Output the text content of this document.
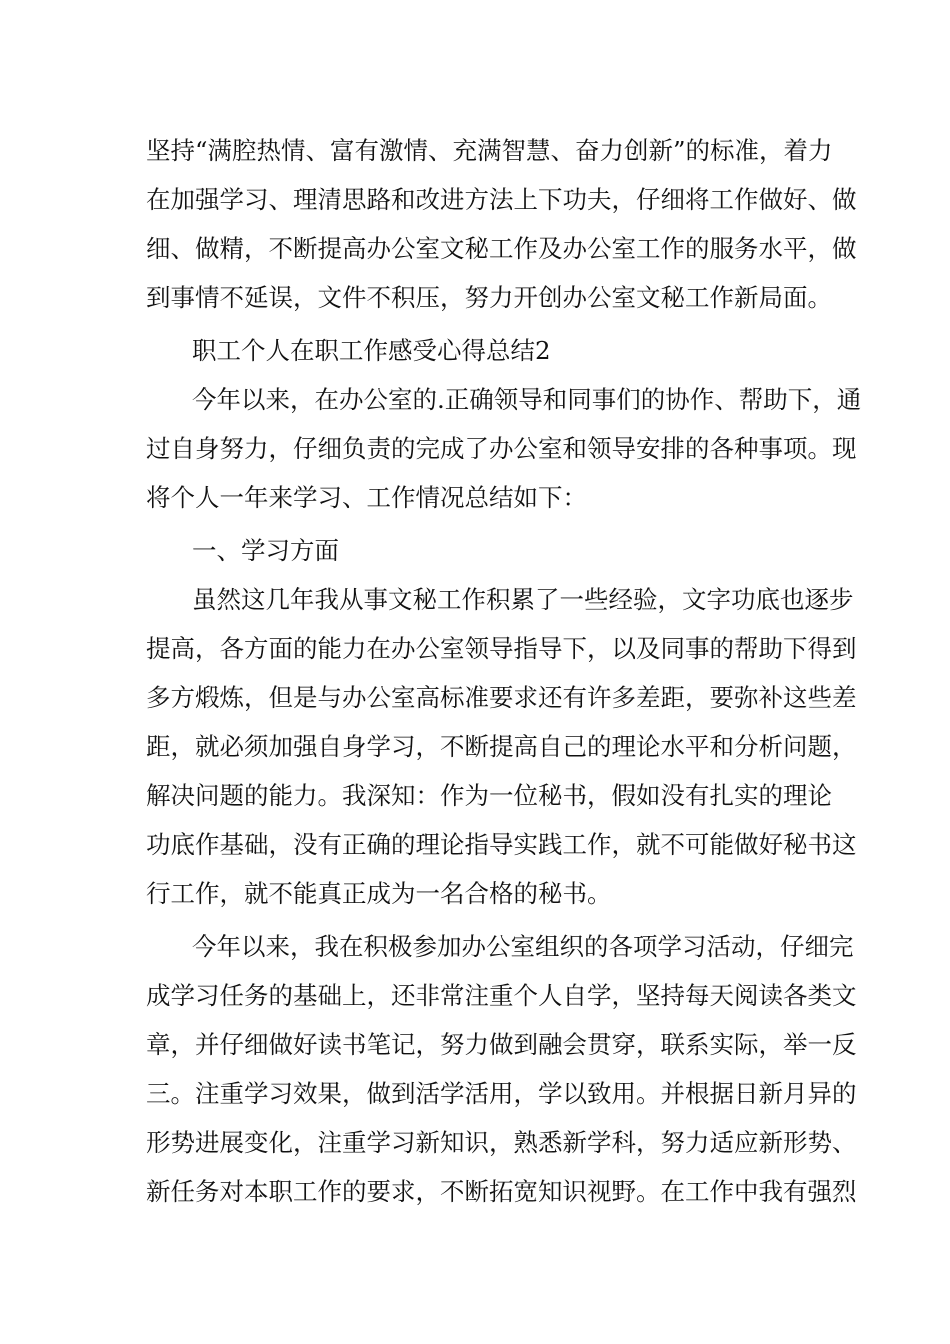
坚持“满腔热情、富有激情、充满智慧、奋力创新”的标准，着力
在加强学习、理清思路和改进方法上下功夫，仔细将工作做好、做
细、做精，不断提高办公室文秘工作及办公室工作的服务水平，做
到事情不延误，文件不积压，努力开创办公室文秘工作新局面。
职工个人在职工作感受心得总结2
今年以来，在办公室的.正确领导和同事们的协作、帮助下，通
过自身努力，仔细负责的完成了办公室和领导安排的各种事项。现
将个人一年来学习、工作情况总结如下：
一、学习方面
虽然这几年我从事文秘工作积累了一些经验，文字功底也逐步
提高，各方面的能力在办公室领导指导下，以及同事的帮助下得到
多方煅炼，但是与办公室高标准要求还有许多差距，要弥补这些差
距，就必须加强自身学习，不断提高自己的理论水平和分析问题，
解决问题的能力。我深知：作为一位秘书，假如没有扎实的理论
功底作基础，没有正确的理论指导实践工作，就不可能做好秘书这
行工作，就不能真正成为一名合格的秘书。
今年以来，我在积极参加办公室组织的各项学习活动，仔细完
成学习任务的基础上，还非常注重个人自学，坚持每天阅读各类文
章，并仔细做好读书笔记，努力做到融会贯穿，联系实际，举一反
三。注重学习效果，做到活学活用，学以致用。并根据日新月异的
形势进展变化，注重学习新知识，熟悉新学科，努力适应新形势、
新任务对本职工作的要求，不断拓宽知识视野。在工作中我有强烈
